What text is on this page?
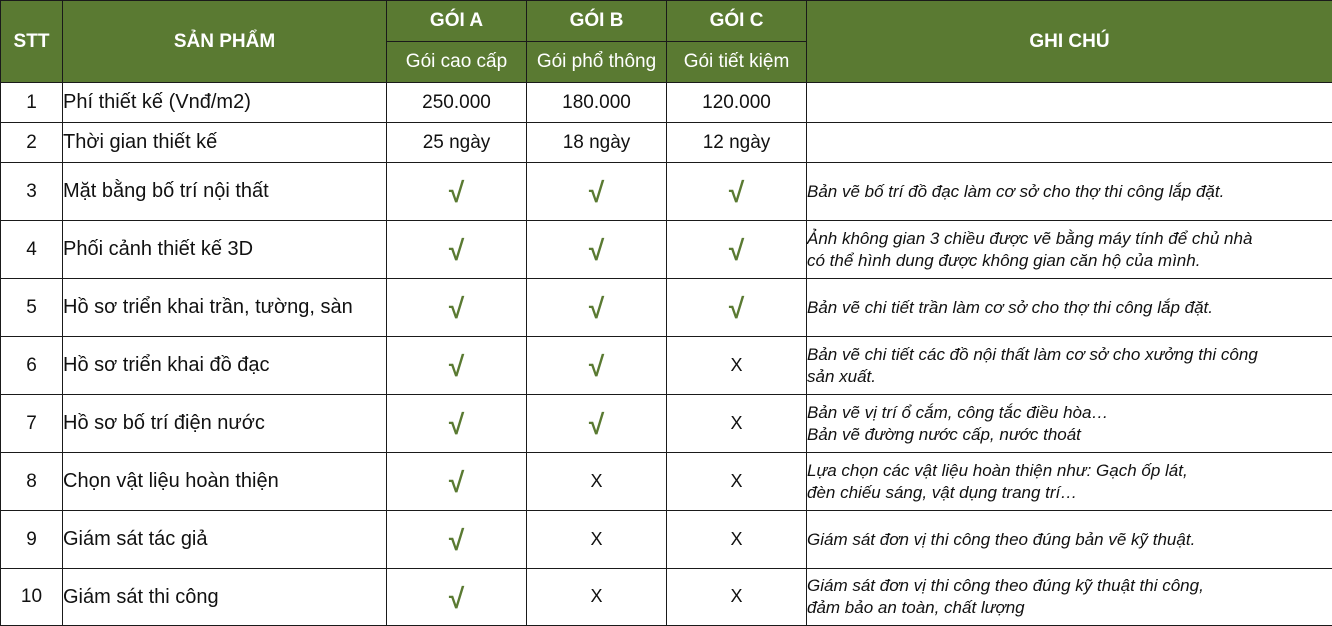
STT	SẢN PHẨM	GÓI A	GÓI B	GÓI C	GHI CHÚ
		Gói cao cấp	Gói phổ thông	Gói tiết kiệm	
1	Phí thiết kế (Vnđ/m2)	250.000	180.000	120.000	

2	Thời gian thiết kế	25 ngày	18 ngày	12 ngày	

3	Mặt bằng bố trí nội thất	√	√	√	Bản vẽ bố trí đồ đạc làm cơ sở cho thợ thi công lắp đặt.

4	Phối cảnh thiết kế 3D	√	√	√	Ảnh không gian 3 chiều được vẽ bằng máy tính để chủ nhà
có thể hình dung được không gian căn hộ của mình.

5	Hồ sơ triển khai trần, tường, sàn	√	√	√	Bản vẽ chi tiết trần làm cơ sở cho thợ thi công lắp đặt.

6	Hồ sơ triển khai đồ đạc	√	√	X	Bản vẽ chi tiết các đồ nội thất làm cơ sở cho xưởng thi công
sản xuất.

7	Hồ sơ bố trí điện nước	√	√	X	Bản vẽ vị trí ổ cắm, công tắc điều hòa…
Bản vẽ đường nước cấp, nước thoát

8	Chọn vật liệu hoàn thiện	√	X	X	Lựa chọn các vật liệu hoàn thiện như: Gạch ốp lát,
đèn chiếu sáng, vật dụng trang trí…

9	Giám sát tác giả	√	X	X	Giám sát đơn vị thi công theo đúng bản vẽ kỹ thuật.

10	Giám sát thi công	√	X	X	Giám sát đơn vị thi công theo đúng kỹ thuật thi công,
đảm bảo an toàn, chất lượng
